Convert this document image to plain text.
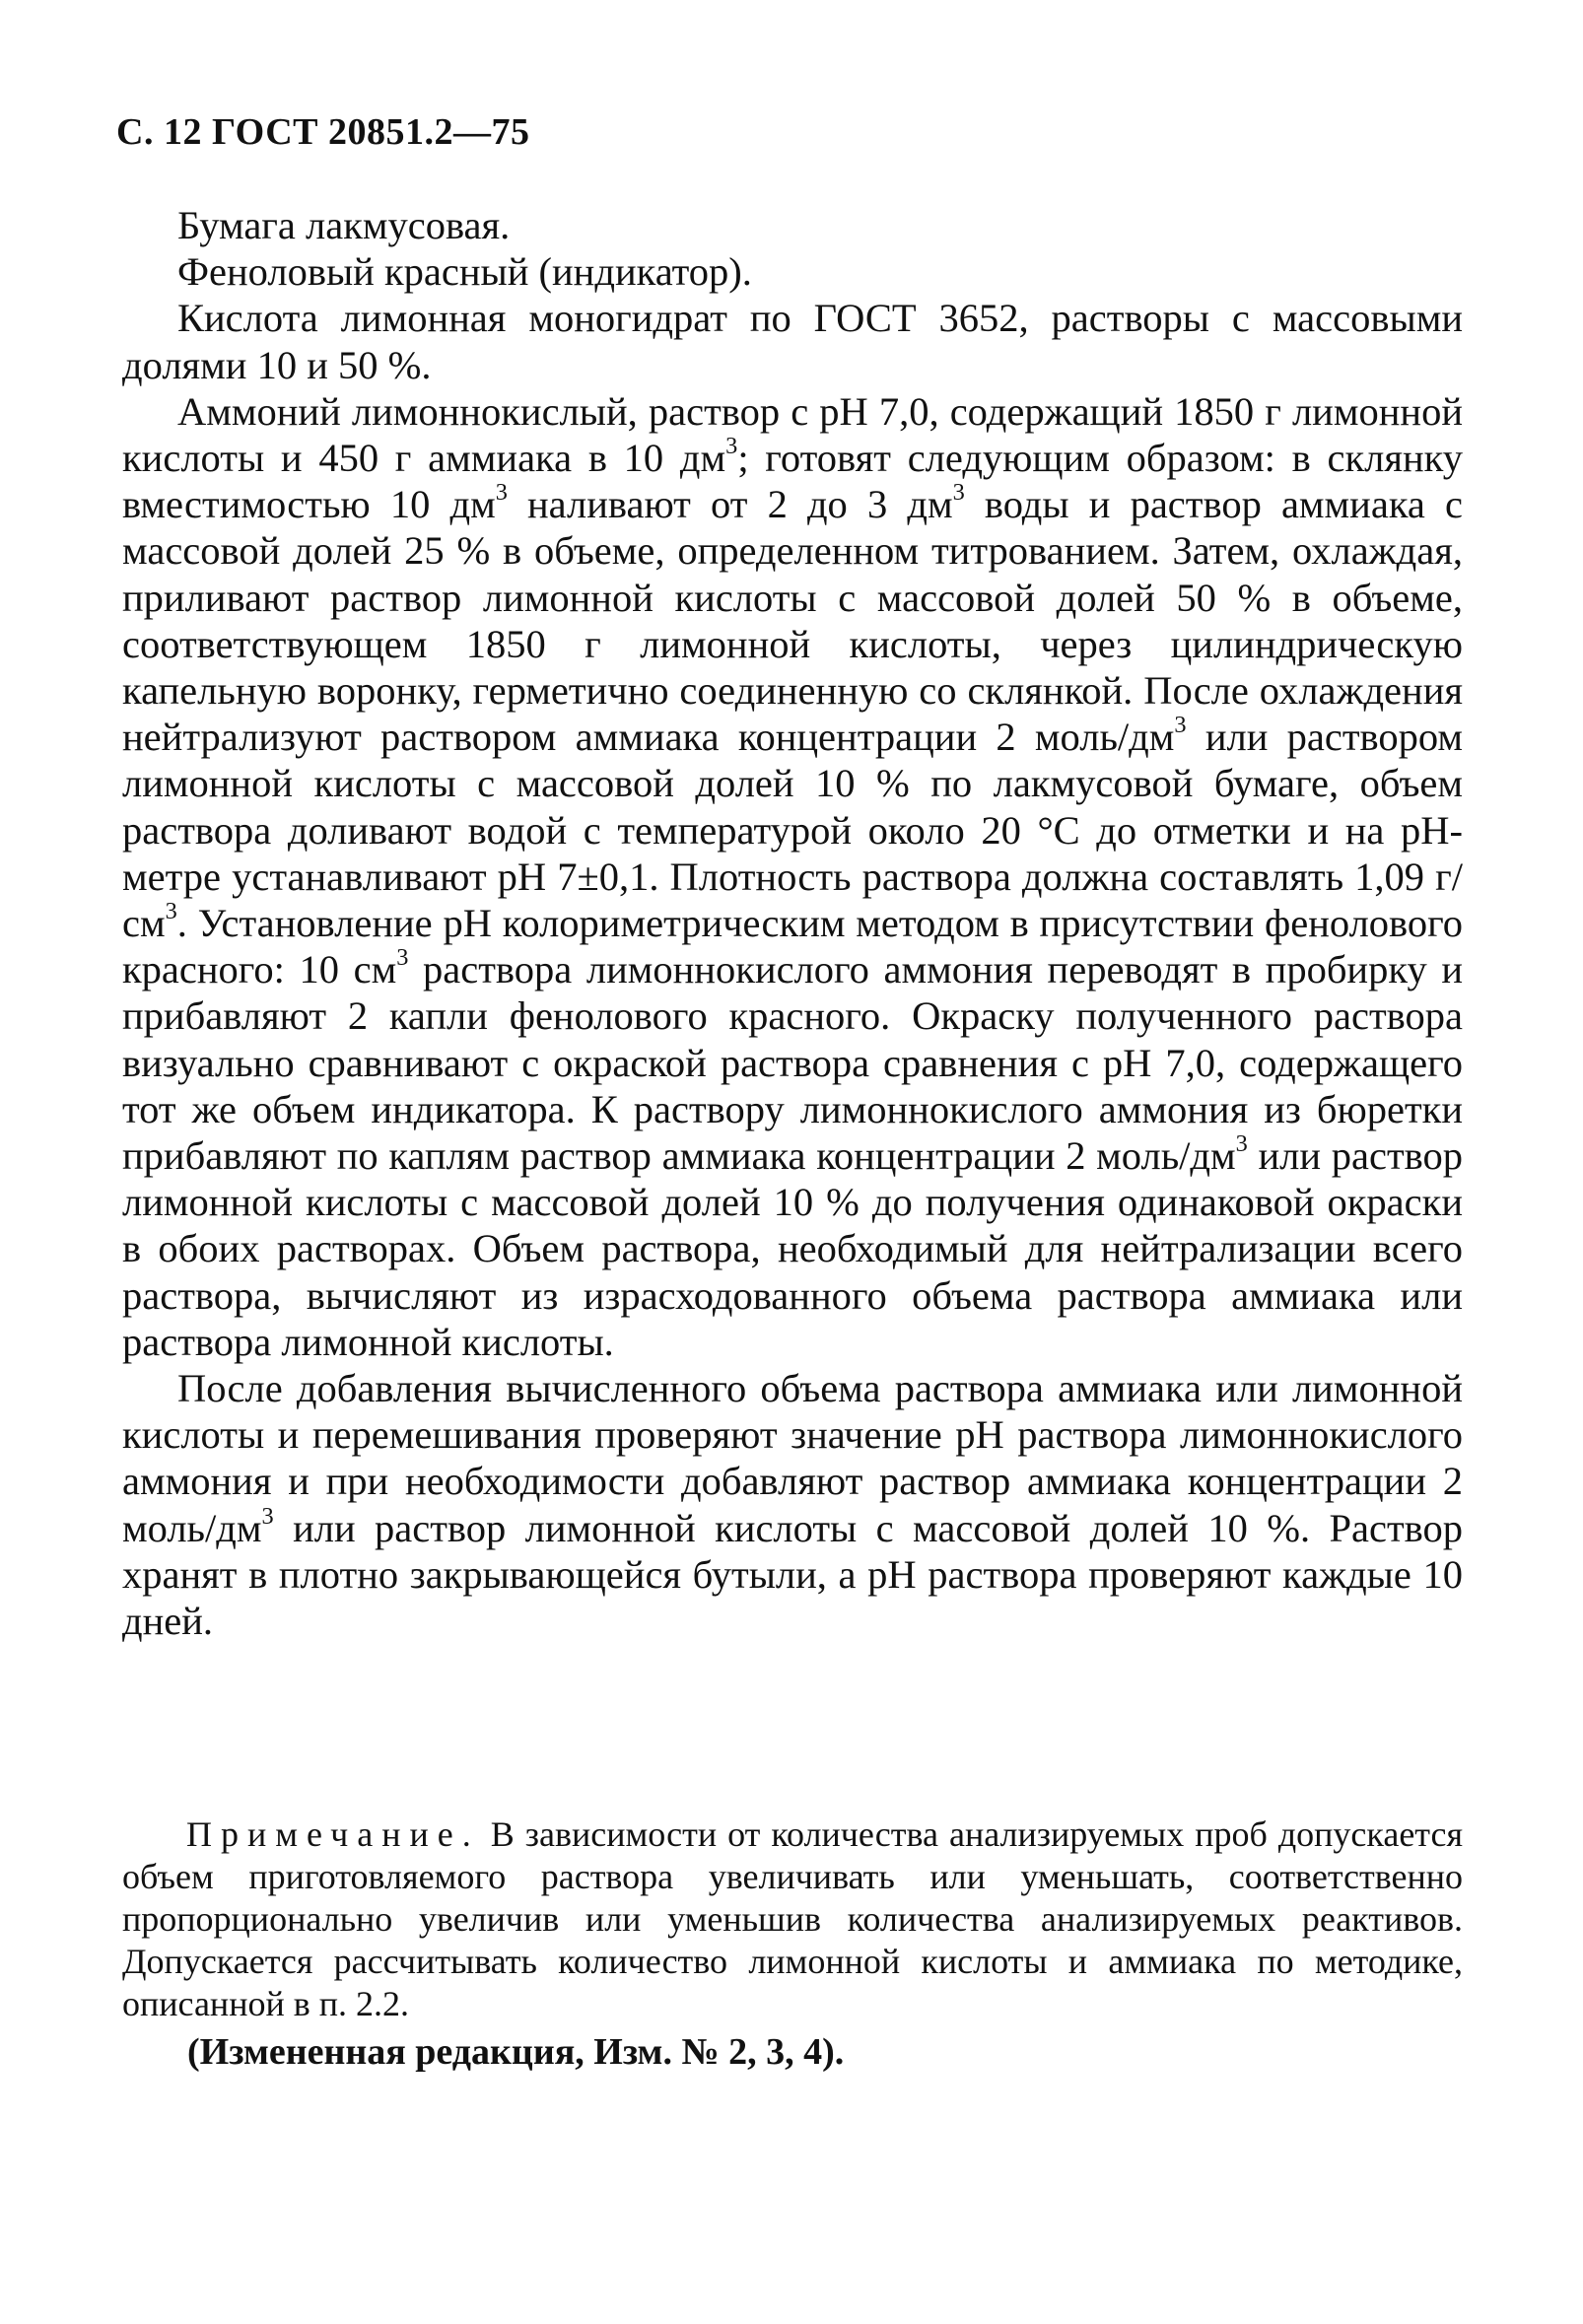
С. 12 ГОСТ 20851.2—75

Бумага лакмусовая.

Феноловый красный (индикатор).

Кислота лимонная моногидрат по ГОСТ 3652, растворы с массовыми долями 10 и 50 %.

Аммоний лимоннокислый, раствор с рН 7,0, содержащий 1850 г лимонной кислоты и 450 г аммиака в 10 $дм^3$; готовят следующим образом: в склянку вместимостью 10 $дм^3$ наливают от 2 до 3 $дм^3$ воды и раствор аммиака с массовой долей 25 % в объеме, определенном титрованием. Затем, охлаждая, приливают раствор лимонной кислоты с массовой долей 50 % в объеме, соответствующем 1850 г лимонной кислоты, через цилиндрическую капельную воронку, герметично соединенную со склянкой. После охлаждения нейтрализуют раствором аммиака концентрации 2 моль/$дм^3$ или раствором лимонной кислоты с массовой долей 10 % по лакмусовой бумаге, объем раствора доливают водой с температурой около 20 °С до отметки и на рН-метре устанавливают рН 7±0,1. Плотность раствора должна составлять 1,09 $г/см^3$. Установление рН колориметрическим методом в присутствии фенолового красного: 10 $см^3$ раствора лимоннокислого аммония переводят в пробирку и прибавляют 2 капли фенолового красного. Окраску полученного раствора визуально сравнивают с окраской раствора сравнения с рН 7,0, содержащего тот же объем индикатора. К раствору лимоннокислого аммония из бюретки прибавляют по каплям раствор аммиака концентрации 2 моль/$дм^3$ или раствор лимонной кислоты с массовой долей 10 % до получения одинаковой окраски в обоих растворах. Объем раствора, необходимый для нейтрализации всего раствора, вычисляют из израсходованного объема раствора аммиака или раствора лимонной кислоты.

После добавления вычисленного объема раствора аммиака или лимонной кислоты и перемешивания проверяют значение рН раствора лимоннокислого аммония и при необходимости добавляют раствор аммиака концентрации 2 моль/$дм^3$ или раствор лимонной кислоты с массовой долей 10 %. Раствор хранят в плотно закрывающейся бутыли, а рН раствора проверяют каждые 10 дней.

Примечание. В зависимости от количества анализируемых проб допускается объем приготовляемого раствора увеличивать или уменьшать, соответственно пропорционально увеличив или уменьшив количества анализируемых реактивов. Допускается рассчитывать количество лимонной кислоты и аммиака по методике, описанной в п. 2.2.

(Измененная редакция, Изм. № 2, 3, 4).
